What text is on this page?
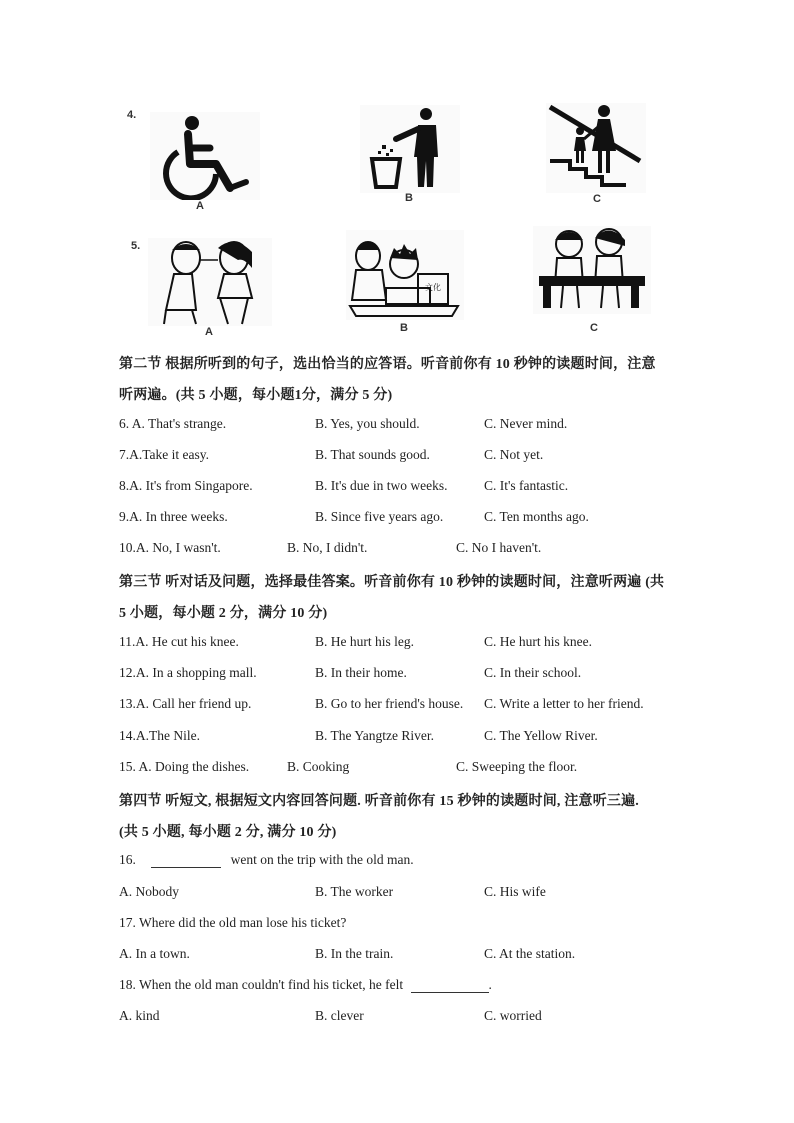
4.
A
B	C
5.
A
文化
B	C
第二节 根据所听到的句子，选出恰当的应答语。听音前你有 10 秒钟的读题时间，注意
听两遍。(共 5 小题，每小题1分，满分 5 分)
6. A. That's strange.	B. Yes, you should.	C. Never mind.
7.A.Take it easy.	B. That sounds good.	C. Not yet.
8.A. It's from Singapore.	B. It's due in two weeks.	C. It's fantastic.
9.A. In three weeks.	B. Since five years ago.	C. Ten months ago.
10.A. No, I wasn't.	B. No, I didn't.	C. No I haven't.
第三节 听对话及问题，选择最佳答案。听音前你有 10 秒钟的读题时间，注意听两遍 (共
5 小题，每小题 2 分，满分 10 分)
11.A. He cut his knee.	B. He hurt his leg.	C. He hurt his knee.
12.A. In a shopping mall.	B. In their home.	C. In their school.
13.A. Call her friend up.	B. Go to her friend's house. C. Write a letter to her friend.
14.A.The Nile.	B. The Yangtze River.	C. The Yellow River.
15. A. Doing the dishes.	B. Cooking	C. Sweeping the floor.
第四节 听短文, 根据短文内容回答问题. 听音前你有 15 秒钟的读题时间, 注意听三遍.
(共 5 小题, 每小题 2 分, 满分 10 分)
16.	went on the trip with the old man.
A. Nobody	B. The worker	C. His wife
17. Where did the old man lose his ticket?
A. In a town.	B. In the train.	C. At the station.
18. When the old man couldn't find his ticket, he felt	.
A. kind	B. clever	C. worried
